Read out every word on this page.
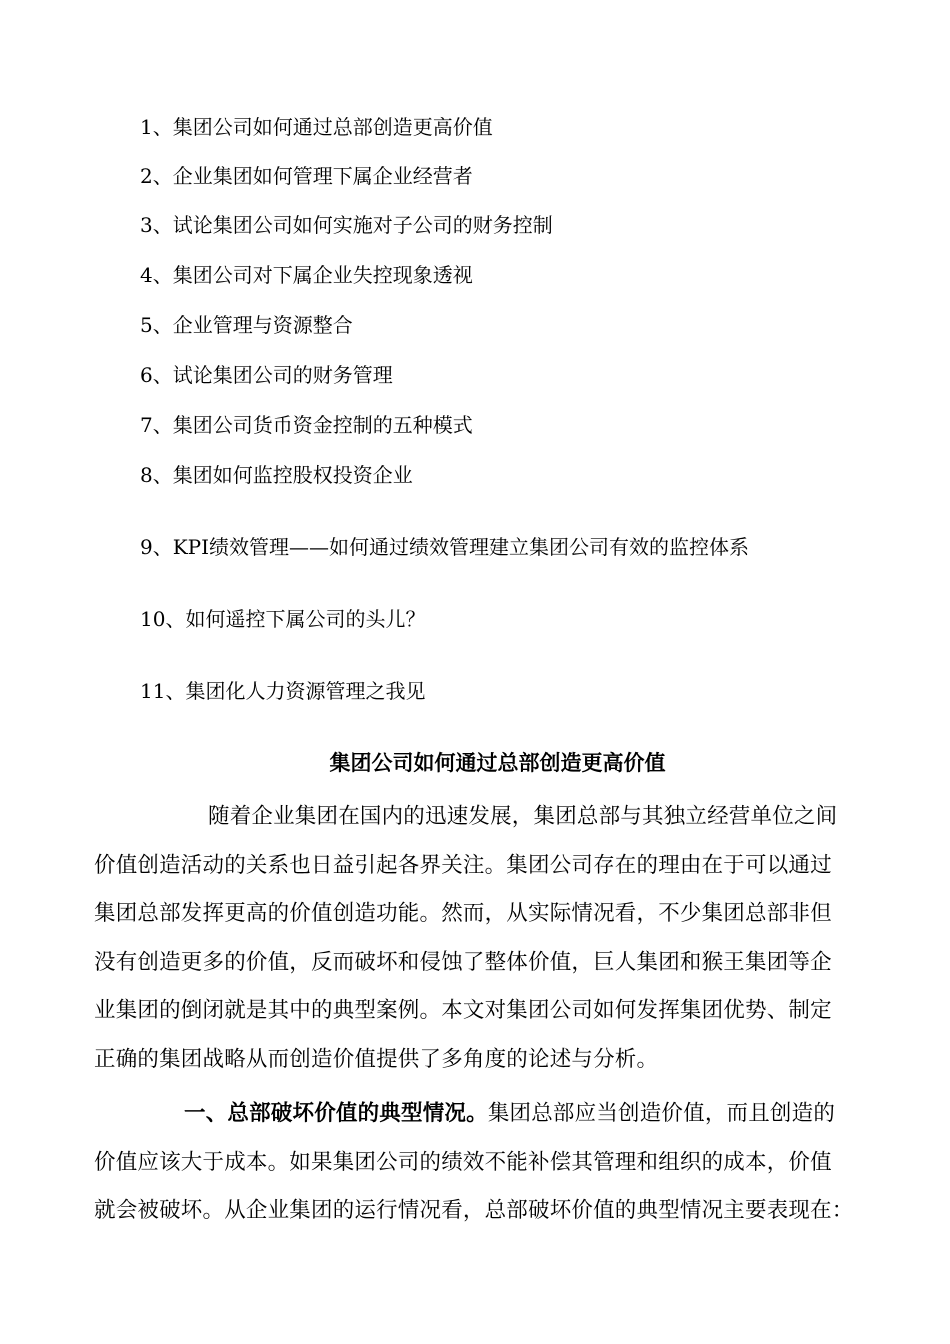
1、集团公司如何通过总部创造更高价值
2、企业集团如何管理下属企业经营者
3、试论集团公司如何实施对子公司的财务控制
4、集团公司对下属企业失控现象透视
5、企业管理与资源整合
6、试论集团公司的财务管理
7、集团公司货币资金控制的五种模式
8、集团如何监控股权投资企业
9、KPI绩效管理——如何通过绩效管理建立集团公司有效的监控体系
10、如何遥控下属公司的头儿？
11、集团化人力资源管理之我见
集团公司如何通过总部创造更高价值
随着企业集团在国内的迅速发展，集团总部与其独立经营单位之间
价值创造活动的关系也日益引起各界关注。集团公司存在的理由在于可以通过
集团总部发挥更高的价值创造功能。然而，从实际情况看，不少集团总部非但
没有创造更多的价值，反而破坏和侵蚀了整体价值，巨人集团和猴王集团等企
业集团的倒闭就是其中的典型案例。本文对集团公司如何发挥集团优势、制定
正确的集团战略从而创造价值提供了多角度的论述与分析。
一、总部破坏价值的典型情况。集团总部应当创造价值，而且创造的
价值应该大于成本。如果集团公司的绩效不能补偿其管理和组织的成本，价值
就会被破坏。从企业集团的运行情况看，总部破坏价值的典型情况主要表现在：
